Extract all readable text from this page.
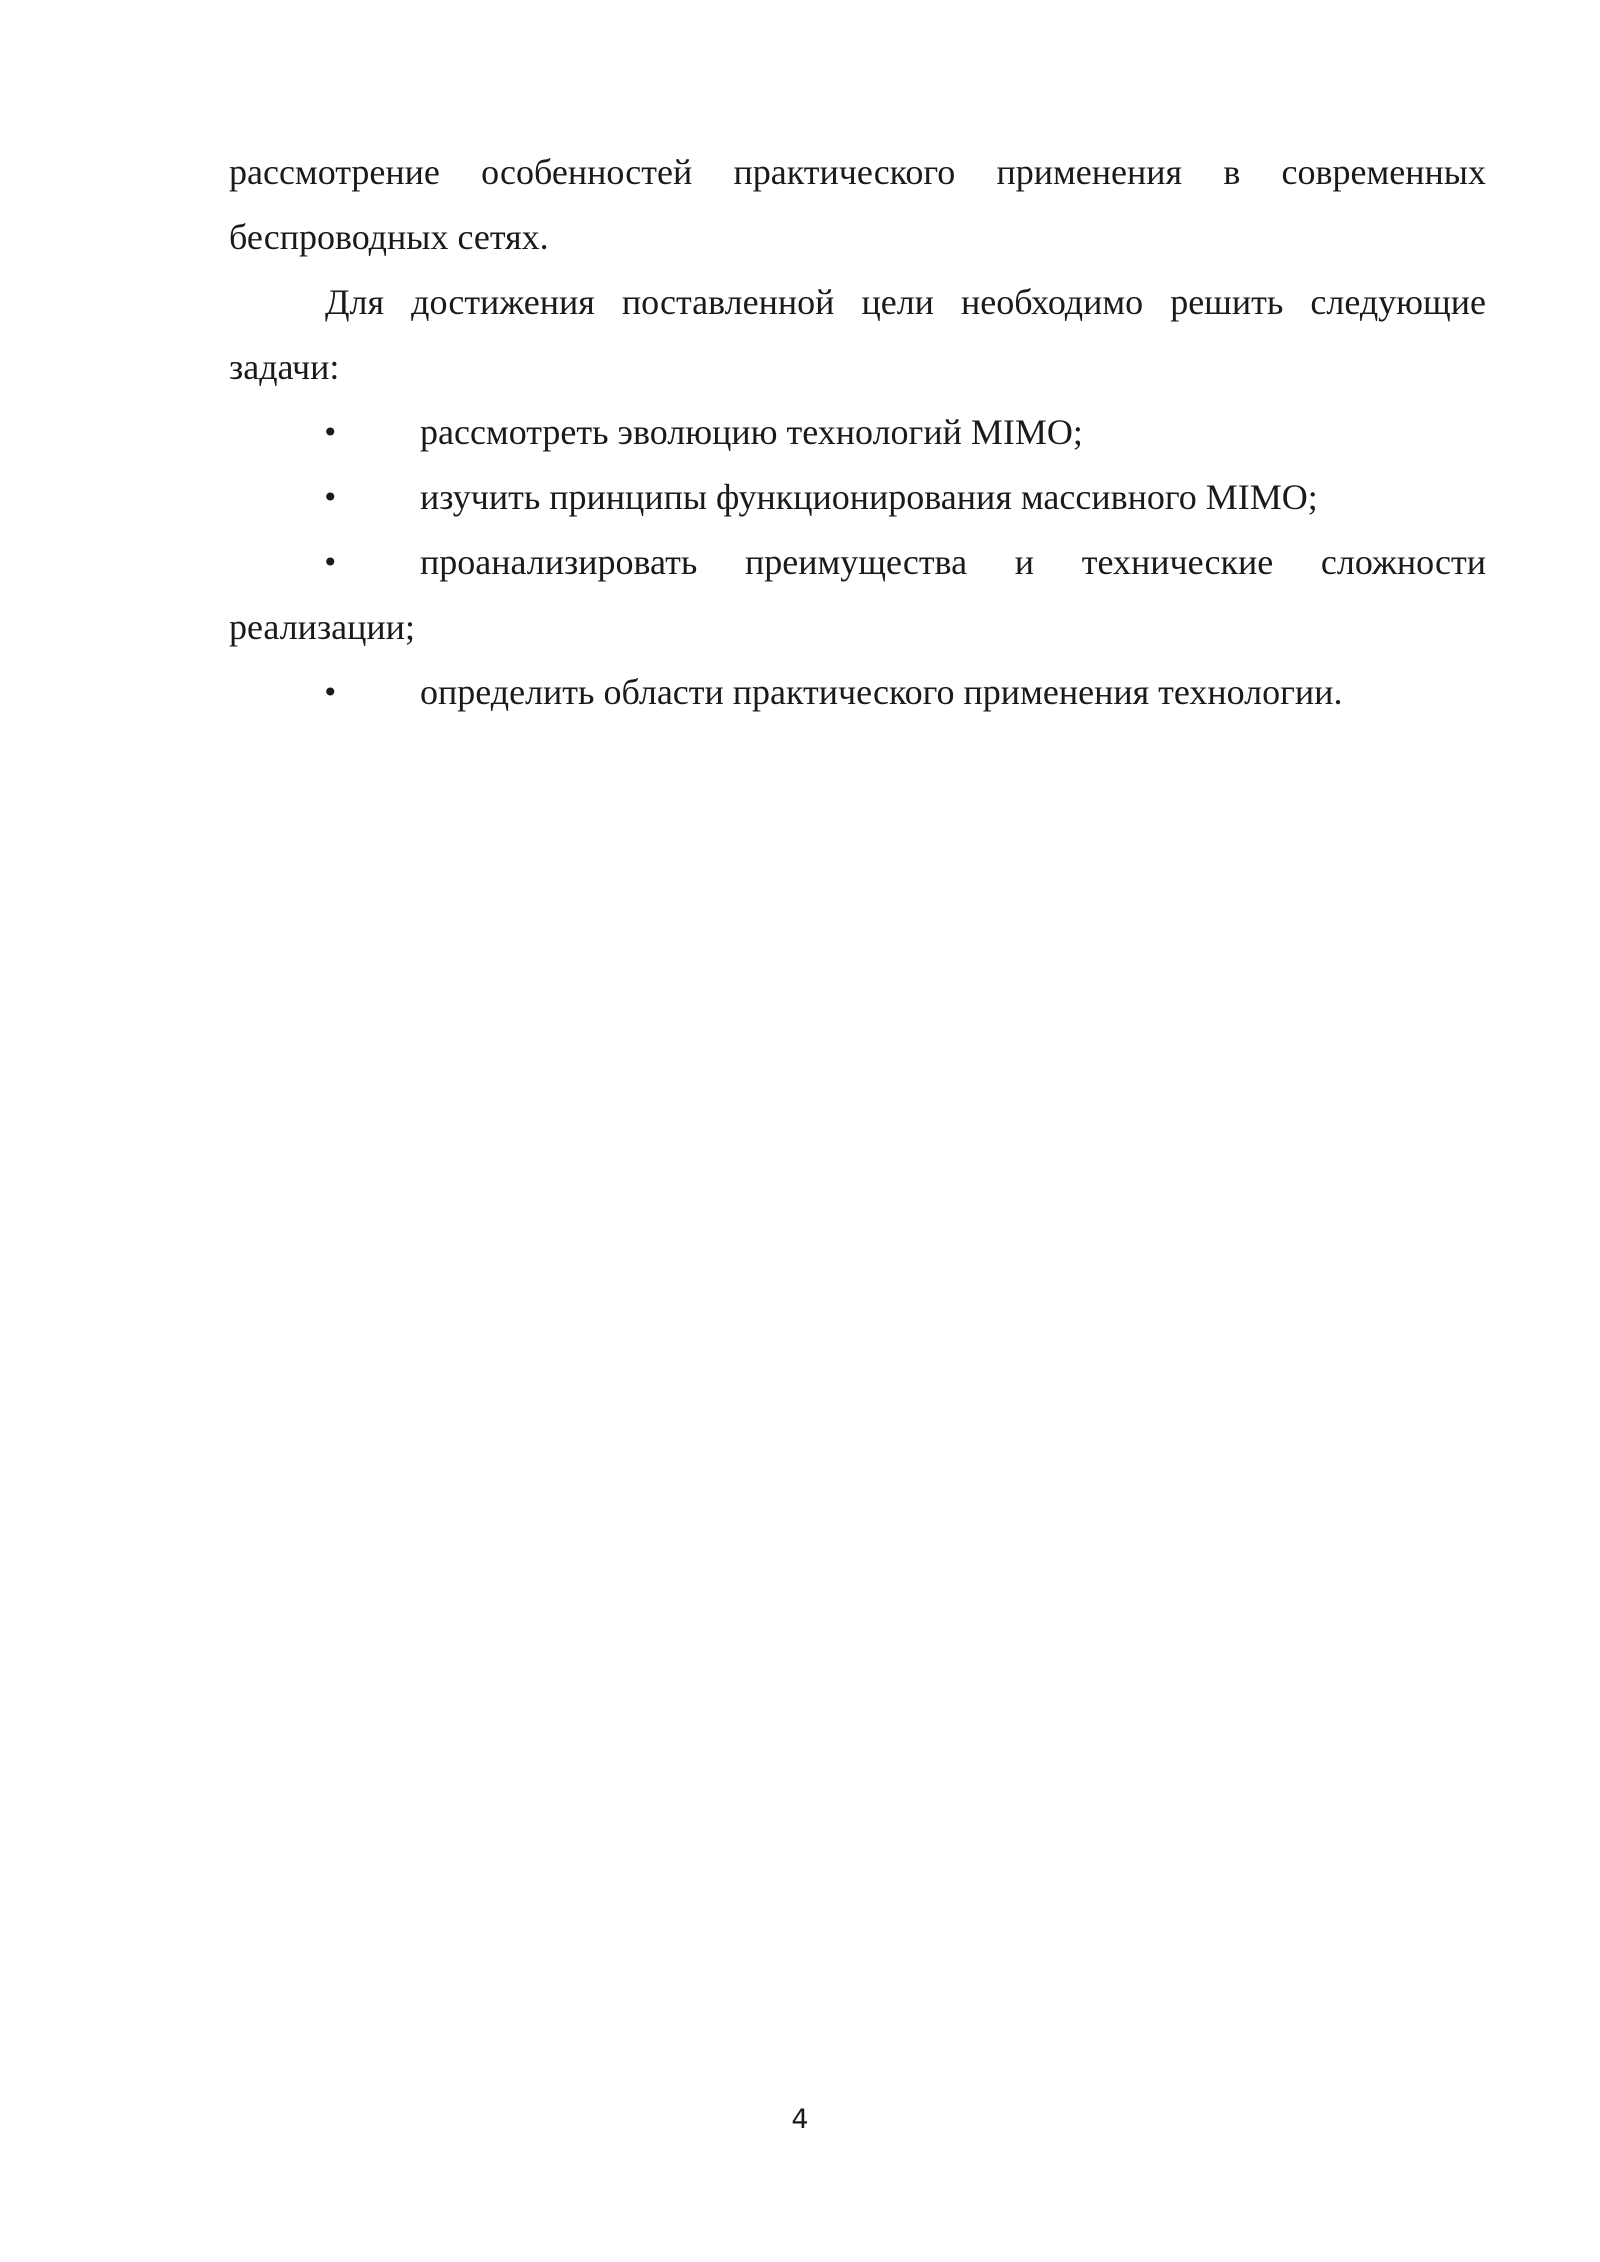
рассмотрение особенностей практического применения в современных беспроводных сетях.

Для достижения поставленной цели необходимо решить следующие задачи:

• рассмотреть эволюцию технологий MIMO;

• изучить принципы функционирования массивного MIMO;

• проанализировать преимущества и технические сложности реализации;

• определить области практического применения технологии.

4
